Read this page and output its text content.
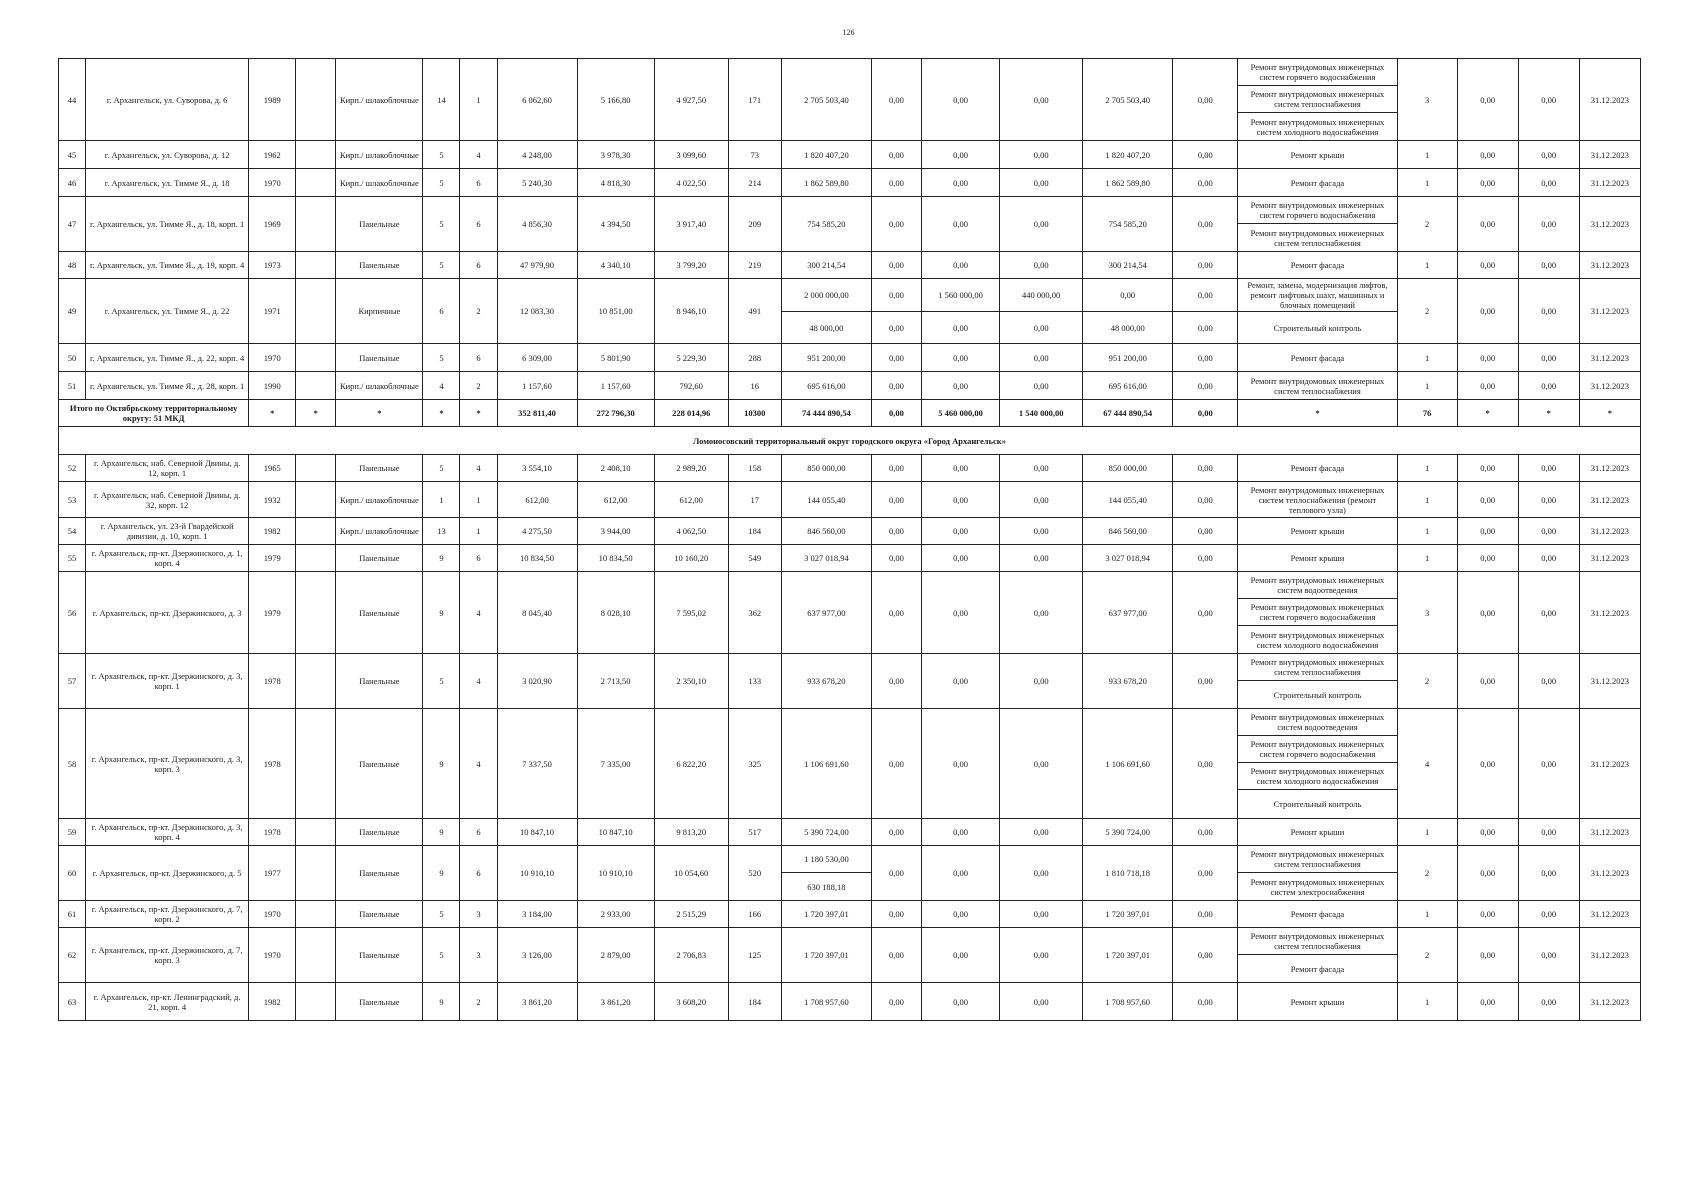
126
44	г. Архангельск, ул. Суворова, д. 6	1989		Кирп./ шлакоблочные	14	1	6 062,60	5 166,80	4 927,50	171	2 705 503,40	0,00	0,00	0,00	2 705 503,40	0,00	Ремонт внутридомовых инженерных систем горячего водоснабжения	3	0,00	0,00	31.12.2023
																	Ремонт внутридомовых инженерных систем теплоснабжения				
																	Ремонт внутридомовых инженерных систем холодного водоснабжения				
45	г. Архангельск, ул. Суворова, д. 12	1962		Кирп./ шлакоблочные	5	4	4 248,00	3 978,30	3 099,60	73	1 820 407,20	0,00	0,00	0,00	1 820 407,20	0,00	Ремонт крыши	1	0,00	0,00	31.12.2023
46	г. Архангельск, ул. Тимме Я., д. 18	1970		Кирп./ шлакоблочные	5	6	5 240,30	4 818,30	4 022,50	214	1 862 589,80	0,00	0,00	0,00	1 862 589,80	0,00	Ремонт фасада	1	0,00	0,00	31.12.2023
47	г. Архангельск, ул. Тимме Я., д. 18, корп. 1	1969		Панельные	5	6	4 856,30	4 394,50	3 917,40	209	754 585,20	0,00	0,00	0,00	754 585,20	0,00	Ремонт внутридомовых инженерных систем горячего водоснабжения	2	0,00	0,00	31.12.2023
																	Ремонт внутридомовых инженерных систем теплоснабжения				
48	г. Архангельск, ул. Тимме Я., д. 19, корп. 4	1973		Панельные	5	6	47 979,90	4 340,10	3 799,20	219	300 214,54	0,00	0,00	0,00	300 214,54	0,00	Ремонт фасада	1	0,00	0,00	31.12.2023
49	г. Архангельск, ул. Тимме Я., д. 22	1971		Кирпичные	6	2	12 083,30	10 851,00	8 946,10	491	2 000 000,00	0,00	1 560 000,00	440 000,00	0,00	0,00	Ремонт, замена, модернизация лифтов, ремонт лифтовых шахт, машинных и блочных помещений	2	0,00	0,00	31.12.2023
											48 000,00	0,00	0,00	0,00	48 000,00	0,00	Строительный контроль				
50	г. Архангельск, ул. Тимме Я., д. 22, корп. 4	1970		Панельные	5	6	6 309,00	5 801,90	5 229,30	288	951 200,00	0,00	0,00	0,00	951 200,00	0,00	Ремонт фасада	1	0,00	0,00	31.12.2023
51	г. Архангельск, ул. Тимме Я., д. 28, корп. 1	1990		Кирп./ шлакоблочные	4	2	1 157,60	1 157,60	792,60	16	695 616,00	0,00	0,00	0,00	695 616,00	0,00	Ремонт внутридомовых инженерных систем теплоснабжения	1	0,00	0,00	31.12.2023
Итого по Октябрьскому территориальному округу: 51 МКД		*	*	*	*	*	352 811,40	272 796,30	228 014,96	10300	74 444 890,54	0,00	5 460 000,00	1 540 000,00	67 444 890,54	0,00	*	76	*	*	*
Ломоносовский территориальный округ городского округа «Город Архангельск»																					
52	г. Архангельск, наб. Северной Двины, д. 12, корп. 1	1965		Панельные	5	4	3 554,10	2 408,10	2 989,20	158	850 000,00	0,00	0,00	0,00	850 000,00	0,00	Ремонт фасада	1	0,00	0,00	31.12.2023
53	г. Архангельск, наб. Северной Двины, д. 32, корп. 12	1932		Кирп./ шлакоблочные	1	1	612,00	612,00	612,00	17	144 055,40	0,00	0,00	0,00	144 055,40	0,00	Ремонт внутридомовых инженерных систем теплоснабжения (ремонт теплового узла)	1	0,00	0,00	31.12.2023
54	г. Архангельск, ул. 23-й Гвардейской дивизии, д. 10, корп. 1	1982		Кирп./ шлакоблочные	13	1	4 275,50	3 944,00	4 062,50	184	846 560,00	0,00	0,00	0,00	846 560,00	0,00	Ремонт крыши	1	0,00	0,00	31.12.2023
55	г. Архангельск, пр-кт. Дзержинского, д. 1, корп. 4	1979		Панельные	9	6	10 834,50	10 834,50	10 160,20	549	3 027 018,94	0,00	0,00	0,00	3 027 018,94	0,00	Ремонт крыши	1	0,00	0,00	31.12.2023
56	г. Архангельск, пр-кт. Дзержинского, д. 3	1979		Панельные	9	4	8 045,40	8 028,10	7 595,02	362	637 977,00	0,00	0,00	0,00	637 977,00	0,00	Ремонт внутридомовых инженерных систем водоотведения	3	0,00	0,00	31.12.2023
																	Ремонт внутридомовых инженерных систем горячего водоснабжения				
																	Ремонт внутридомовых инженерных систем холодного водоснабжения				
57	г. Архангельск, пр-кт. Дзержинского, д. 3, корп. 1	1978		Панельные	5	4	3 020,90	2 713,50	2 350,10	133	933 678,20	0,00	0,00	0,00	933 678,20	0,00	Ремонт внутридомовых инженерных систем теплоснабжения	2	0,00	0,00	31.12.2023
																	Строительный контроль				
58	г. Архангельск, пр-кт. Дзержинского, д. 3, корп. 3	1978		Панельные	9	4	7 337,50	7 335,00	6 822,20	325	1 106 691,60	0,00	0,00	0,00	1 106 691,60	0,00	Ремонт внутридомовых инженерных систем водоотведения	4	0,00	0,00	31.12.2023
																	Ремонт внутридомовых инженерных систем горячего водоснабжения				
																	Ремонт внутридомовых инженерных систем холодного водоснабжения				
																	Строительный контроль				
59	г. Архангельск, пр-кт. Дзержинского, д. 3, корп. 4	1978		Панельные	9	6	10 847,10	10 847,10	9 813,20	517	5 390 724,00	0,00	0,00	0,00	5 390 724,00	0,00	Ремонт крыши	1	0,00	0,00	31.12.2023
60	г. Архангельск, пр-кт. Дзержинского, д. 5	1977		Панельные	9	6	10 910,10	10 910,10	10 054,60	520	1 180 530,00	0,00	0,00	0,00	1 810 718,18	0,00	Ремонт внутридомовых инженерных систем теплоснабжения	2	0,00	0,00	31.12.2023
											630 188,18						Ремонт внутридомовых инженерных систем электроснабжения				
61	г. Архангельск, пр-кт. Дзержинского, д. 7, корп. 2	1970		Панельные	5	3	3 184,00	2 933,00	2 515,29	166	1 720 397,01	0,00	0,00	0,00	1 720 397,01	0,00	Ремонт фасада	1	0,00	0,00	31.12.2023
62	г. Архангельск, пр-кт. Дзержинского, д. 7, корп. 3	1970		Панельные	5	3	3 126,00	2 879,00	2 706,83	125	1 720 397,01	0,00	0,00	0,00	1 720 397,01	0,00	Ремонт внутридомовых инженерных систем теплоснабжения	2	0,00	0,00	31.12.2023
																	Ремонт фасада				
63	г. Архангельск, пр-кт. Ленинградский, д. 21, корп. 4	1982		Панельные	9	2	3 861,20	3 861,20	3 608,20	184	1 708 957,60	0,00	0,00	0,00	1 708 957,60	0,00	Ремонт крыши	1	0,00	0,00	31.12.2023
